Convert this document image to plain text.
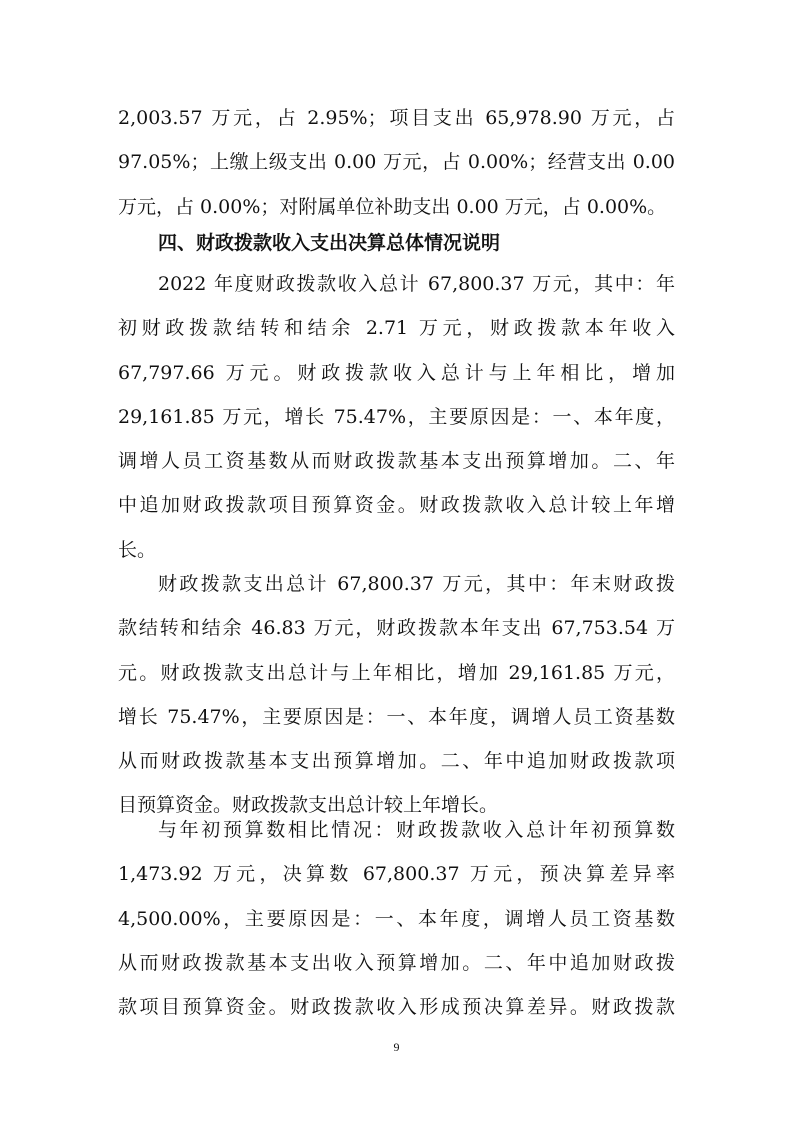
2,003.57 万元，占 2.95%；项目支出 65,978.90 万元，占
97.05%；上缴上级支出 0.00 万元，占 0.00%；经营支出 0.00
万元，占 0.00%；对附属单位补助支出 0.00 万元，占 0.00%。
四、财政拨款收入支出决算总体情况说明
2022 年度财政拨款收入总计 67,800.37 万元，其中：年
初财政拨款结转和结余 2.71 万元，财政拨款本年收入
67,797.66 万元。财政拨款收入总计与上年相比，增加
29,161.85 万元，增长 75.47%，主要原因是：一、本年度，
调增人员工资基数从而财政拨款基本支出预算增加。二、年
中追加财政拨款项目预算资金。财政拨款收入总计较上年增
长。
财政拨款支出总计 67,800.37 万元，其中：年末财政拨
款结转和结余 46.83 万元，财政拨款本年支出 67,753.54 万
元。财政拨款支出总计与上年相比，增加 29,161.85 万元，
增长 75.47%，主要原因是：一、本年度，调增人员工资基数
从而财政拨款基本支出预算增加。二、年中追加财政拨款项
目预算资金。财政拨款支出总计较上年增长。
与年初预算数相比情况：财政拨款收入总计年初预算数
1,473.92 万元，决算数 67,800.37 万元，预决算差异率
4,500.00%，主要原因是：一、本年度，调增人员工资基数
从而财政拨款基本支出收入预算增加。二、年中追加财政拨
款项目预算资金。财政拨款收入形成预决算差异。财政拨款
9
